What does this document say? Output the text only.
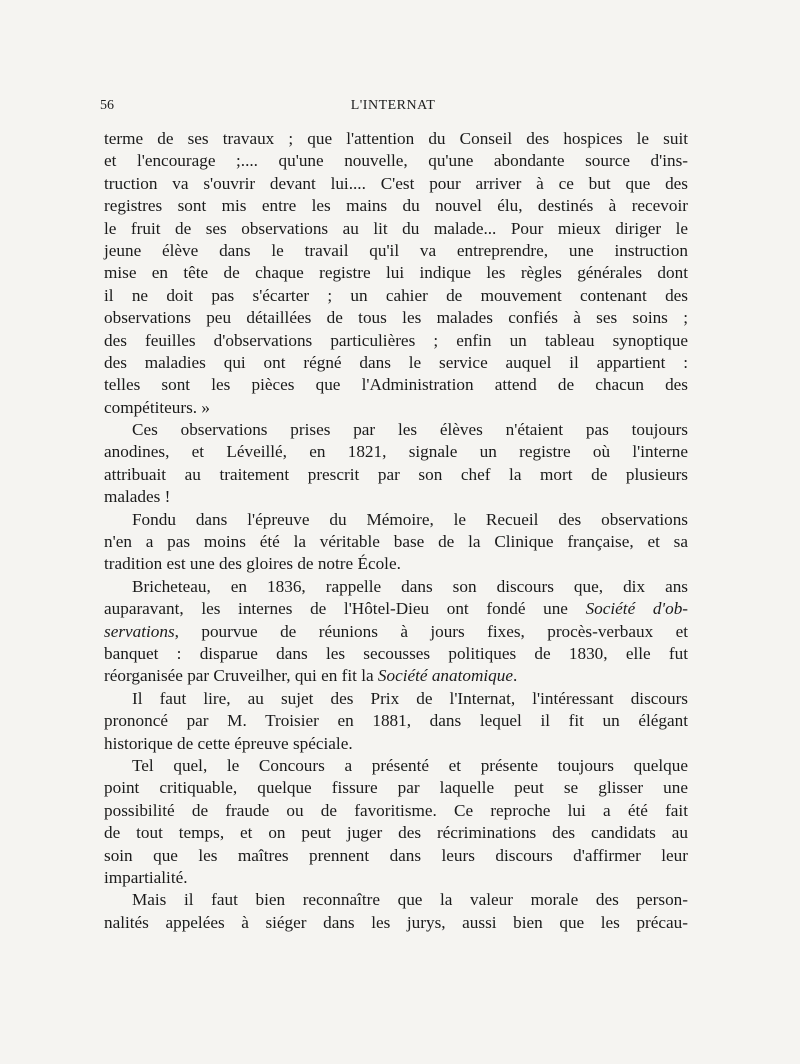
56	L'INTERNAT
terme de ses travaux ; que l'attention du Conseil des hospices le suit
et l'encourage ;.... qu'une nouvelle, qu'une abondante source d'ins-
truction va s'ouvrir devant lui.... C'est pour arriver à ce but que des
registres sont mis entre les mains du nouvel élu, destinés à recevoir
le fruit de ses observations au lit du malade... Pour mieux diriger le
jeune élève dans le travail qu'il va entreprendre, une instruction
mise en tête de chaque registre lui indique les règles générales dont
il ne doit pas s'écarter ; un cahier de mouvement contenant des
observations peu détaillées de tous les malades confiés à ses soins ;
des feuilles d'observations particulières ; enfin un tableau synoptique
des maladies qui ont régné dans le service auquel il appartient :
telles sont les pièces que l'Administration attend de chacun des
compétiteurs. »
Ces observations prises par les élèves n'étaient pas toujours
anodines, et Léveillé, en 1821, signale un registre où l'interne
attribuait au traitement prescrit par son chef la mort de plusieurs
malades !
Fondu dans l'épreuve du Mémoire, le Recueil des observations
n'en a pas moins été la véritable base de la Clinique française, et sa
tradition est une des gloires de notre École.
Bricheteau, en 1836, rappelle dans son discours que, dix ans
auparavant, les internes de l'Hôtel-Dieu ont fondé une Société d'ob-
servations, pourvue de réunions à jours fixes, procès-verbaux et
banquet : disparue dans les secousses politiques de 1830, elle fut
réorganisée par Cruveilher, qui en fit la Société anatomique.
Il faut lire, au sujet des Prix de l'Internat, l'intéressant discours
prononcé par M. Troisier en 1881, dans lequel il fit un élégant
historique de cette épreuve spéciale.
Tel quel, le Concours a présenté et présente toujours quelque
point critiquable, quelque fissure par laquelle peut se glisser une
possibilité de fraude ou de favoritisme. Ce reproche lui a été fait
de tout temps, et on peut juger des récriminations des candidats au
soin que les maîtres prennent dans leurs discours d'affirmer leur
impartialité.
Mais il faut bien reconnaître que la valeur morale des person-
nalités appelées à siéger dans les jurys, aussi bien que les précau-
